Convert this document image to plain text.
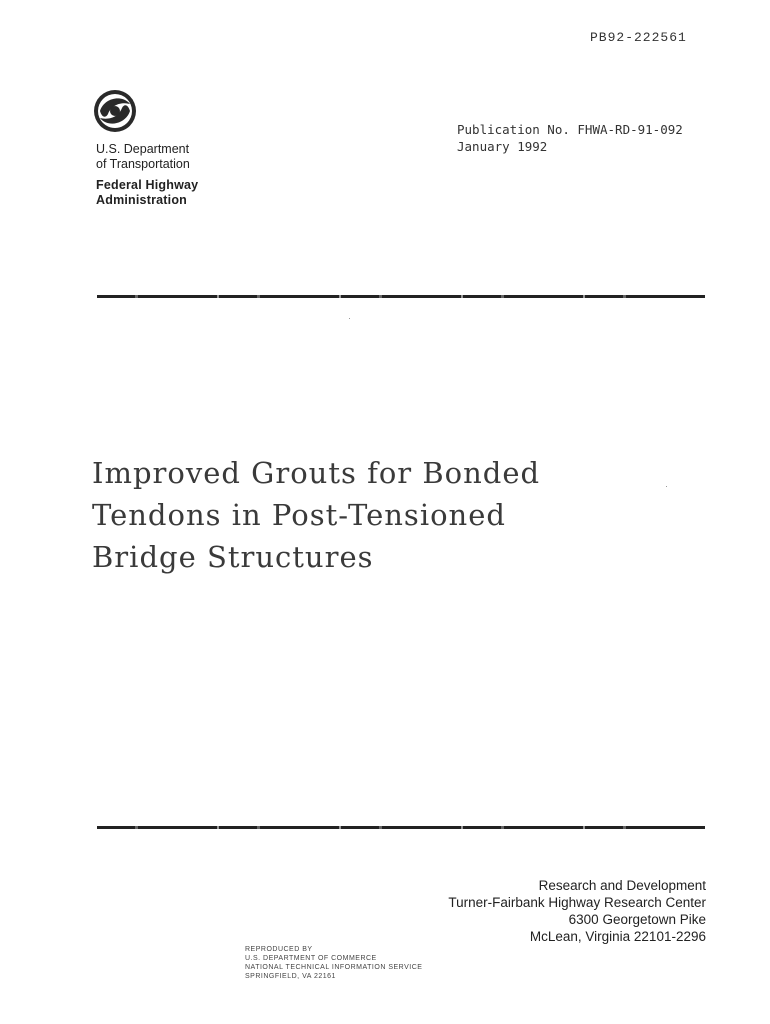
PB92-222561
U.S. Department
of Transportation
Federal Highway
Administration
Publication No. FHWA-RD-91-092
January 1992
Improved Grouts for Bonded
Tendons in Post-Tensioned
Bridge Structures
Research and Development
Turner-Fairbank Highway Research Center
6300 Georgetown Pike
McLean, Virginia 22101-2296
REPRODUCED BY
U.S. DEPARTMENT OF COMMERCE
NATIONAL TECHNICAL INFORMATION SERVICE
SPRINGFIELD, VA 22161
